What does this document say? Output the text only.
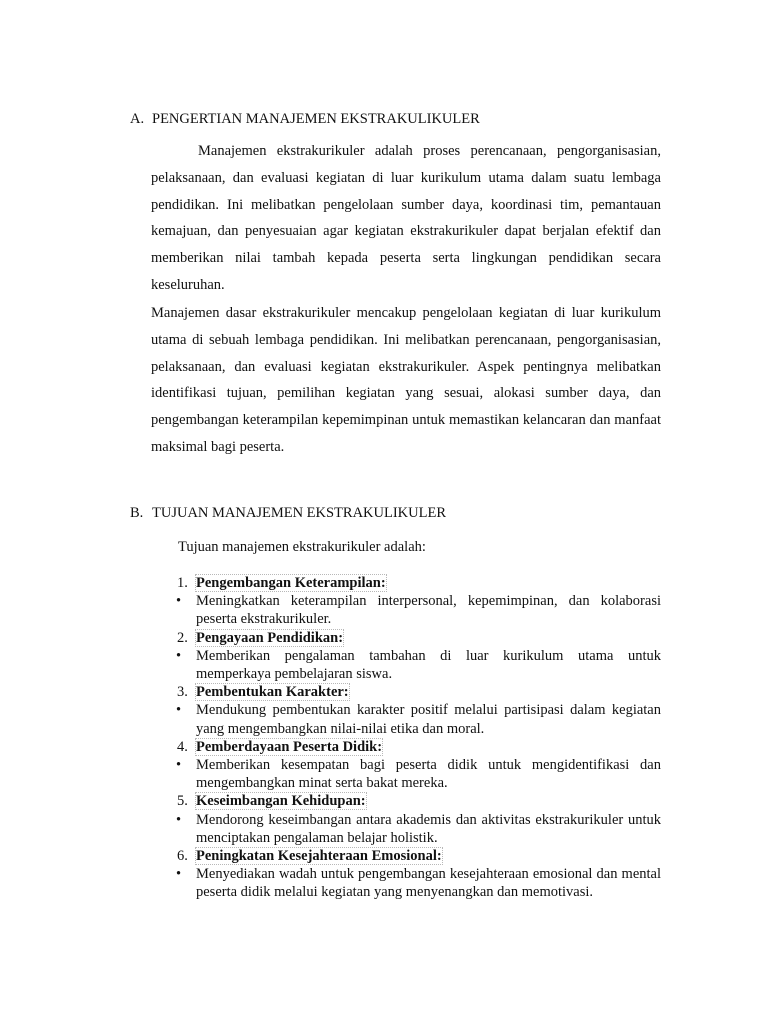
A. PENGERTIAN MANAJEMEN EKSTRAKULIKULER

Manajemen ekstrakurikuler adalah proses perencanaan, pengorganisasian, pelaksanaan, dan evaluasi kegiatan di luar kurikulum utama dalam suatu lembaga pendidikan. Ini melibatkan pengelolaan sumber daya, koordinasi tim, pemantauan kemajuan, dan penyesuaian agar kegiatan ekstrakurikuler dapat berjalan efektif dan memberikan nilai tambah kepada peserta serta lingkungan pendidikan secara keseluruhan.

Manajemen dasar ekstrakurikuler mencakup pengelolaan kegiatan di luar kurikulum utama di sebuah lembaga pendidikan. Ini melibatkan perencanaan, pengorganisasian, pelaksanaan, dan evaluasi kegiatan ekstrakurikuler. Aspek pentingnya melibatkan identifikasi tujuan, pemilihan kegiatan yang sesuai, alokasi sumber daya, dan pengembangan keterampilan kepemimpinan untuk memastikan kelancaran dan manfaat maksimal bagi peserta.

B. TUJUAN MANAJEMEN EKSTRAKULIKULER

Tujuan manajemen ekstrakurikuler adalah:

1. Pengembangan Keterampilan:
• Meningkatkan keterampilan interpersonal, kepemimpinan, dan kolaborasi peserta ekstrakurikuler.
2. Pengayaan Pendidikan:
• Memberikan pengalaman tambahan di luar kurikulum utama untuk memperkaya pembelajaran siswa.
3. Pembentukan Karakter:
• Mendukung pembentukan karakter positif melalui partisipasi dalam kegiatan yang mengembangkan nilai-nilai etika dan moral.
4. Pemberdayaan Peserta Didik:
• Memberikan kesempatan bagi peserta didik untuk mengidentifikasi dan mengembangkan minat serta bakat mereka.
5. Keseimbangan Kehidupan:
• Mendorong keseimbangan antara akademis dan aktivitas ekstrakurikuler untuk menciptakan pengalaman belajar holistik.
6. Peningkatan Kesejahteraan Emosional:
• Menyediakan wadah untuk pengembangan kesejahteraan emosional dan mental peserta didik melalui kegiatan yang menyenangkan dan memotivasi.
